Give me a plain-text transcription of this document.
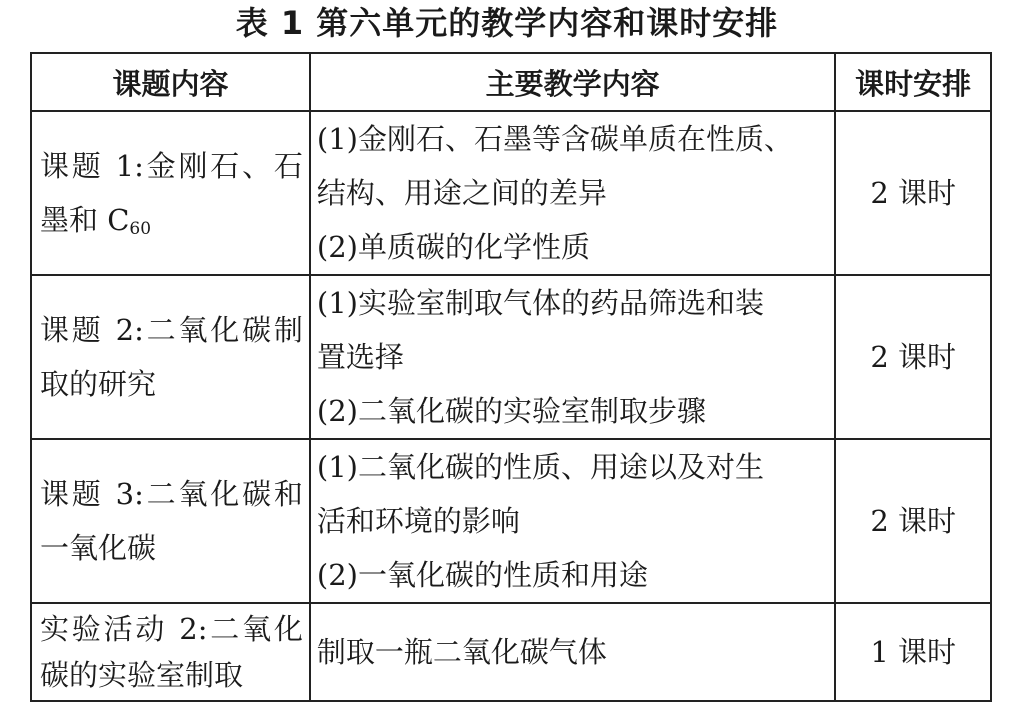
表 1 第六单元的教学内容和课时安排
课题内容	主要教学内容	课时安排
课题 1:金刚石、石墨和 $C_{60}$	(1)金刚石、石墨等含碳单质在性质、
结构、用途之间的差异
(2)单质碳的化学性质	2 课时
课题 2:二氧化碳制取的研究	(1)实验室制取气体的药品筛选和装
置选择
(2)二氧化碳的实验室制取步骤	2 课时
课题 3:二氧化碳和一氧化碳	(1)二氧化碳的性质、用途以及对生
活和环境的影响
(2)一氧化碳的性质和用途	2 课时
实验活动 2:二氧化碳的实验室制取	制取一瓶二氧化碳气体	1 课时
